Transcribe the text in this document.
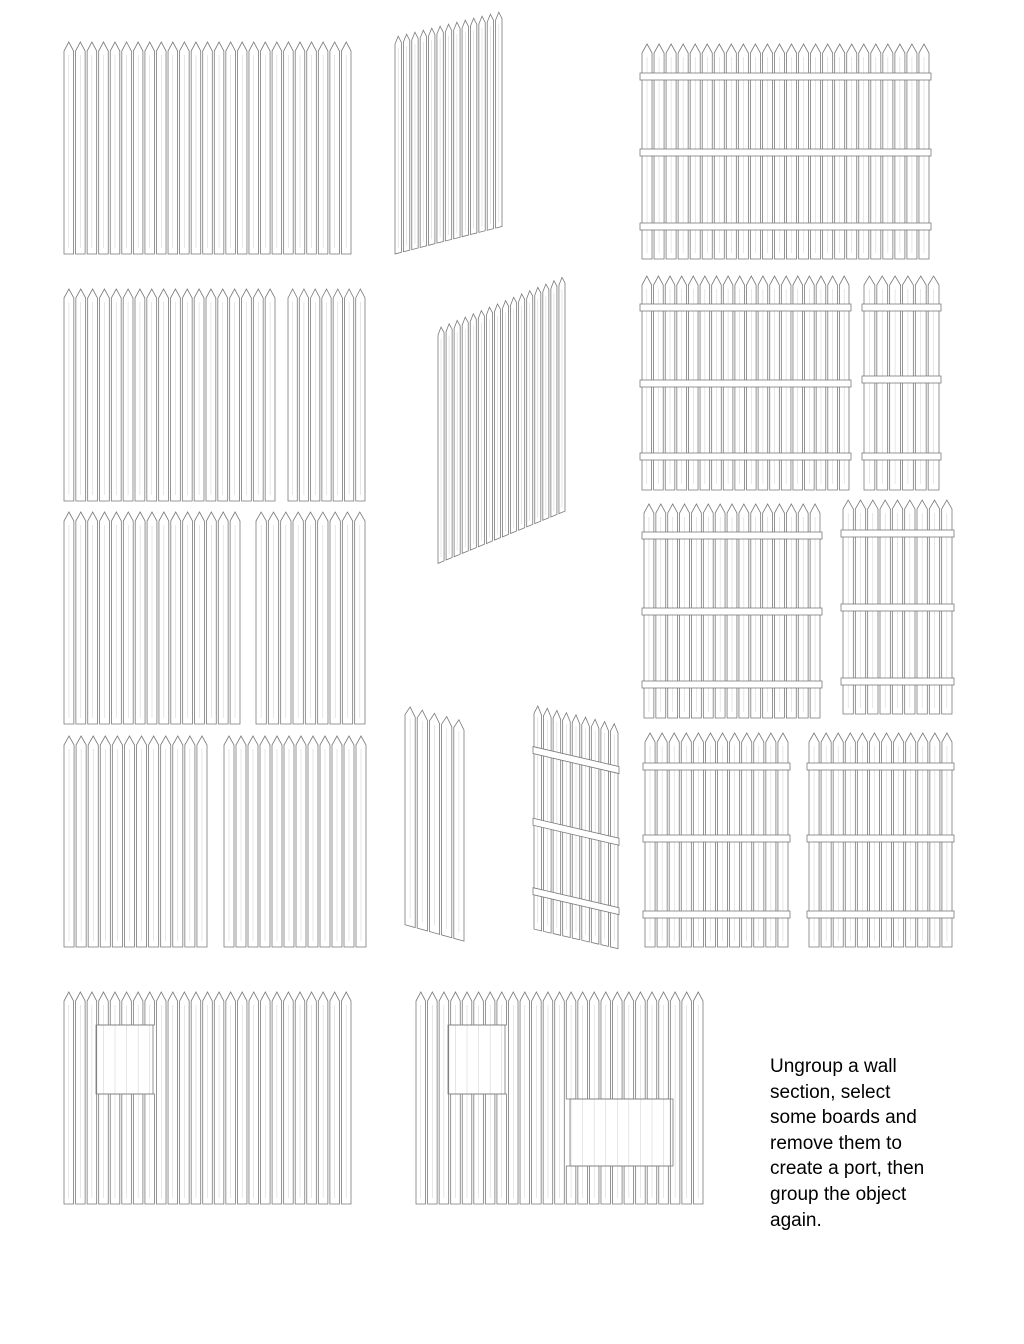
Ungroup a wall
section, select
some boards and
remove them to
create a port, then
group the object
again.
